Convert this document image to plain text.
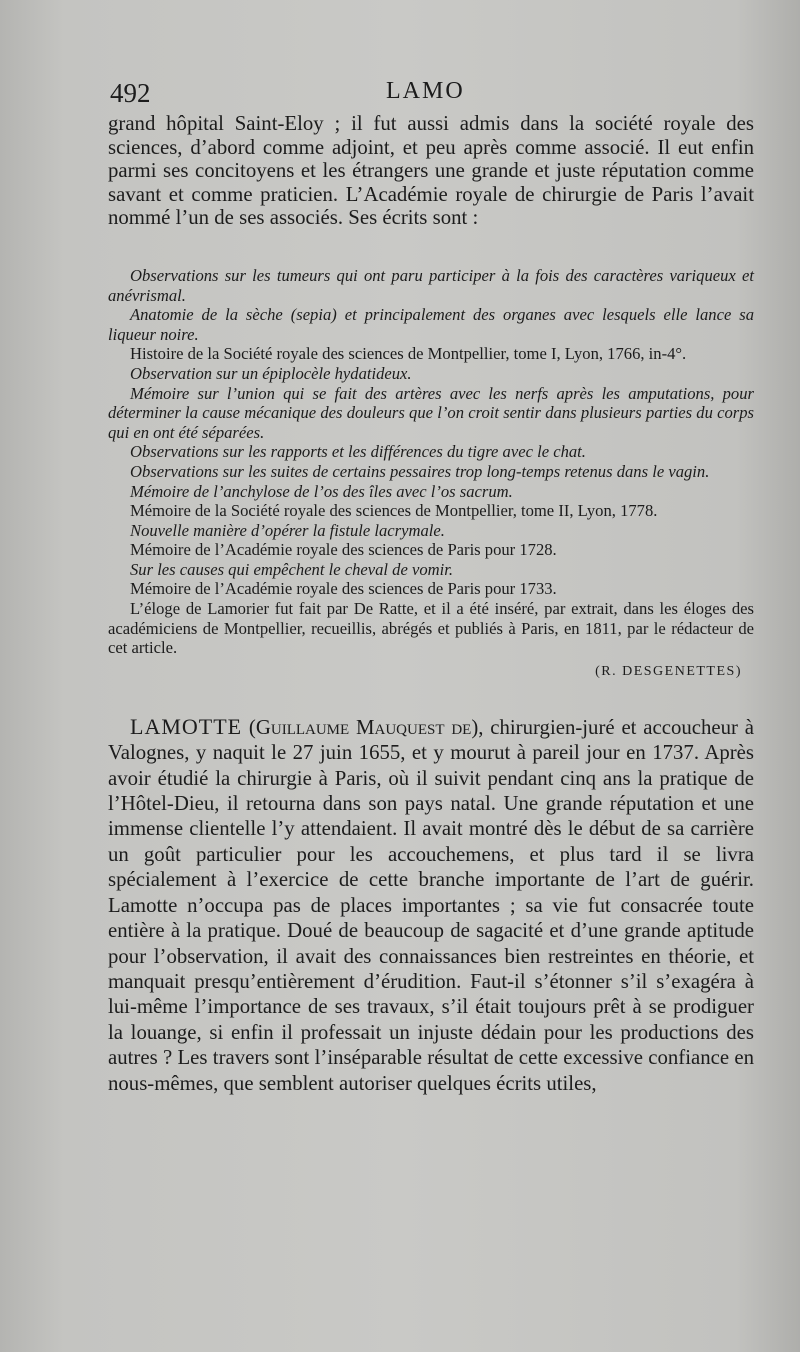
492	LAMO

grand hôpital Saint-Eloy ; il fut aussi admis dans la société royale des sciences, d’abord comme adjoint, et peu après comme associé. Il eut enfin parmi ses concitoyens et les étrangers une grande et juste réputation comme savant et comme praticien. L’Académie royale de chirurgie de Paris l’avait nommé l’un de ses associés. Ses écrits sont :

Observations sur les tumeurs qui ont paru participer à la fois des caractères variqueux et anévrismal.
Anatomie de la sèche (sepia) et principalement des organes avec lesquels elle lance sa liqueur noire.
Histoire de la Société royale des sciences de Montpellier, tome I, Lyon, 1766, in-4°.
Observation sur un épiplocèle hydatideux.
Mémoire sur l’union qui se fait des artères avec les nerfs après les amputations, pour déterminer la cause mécanique des douleurs que l’on croit sentir dans plusieurs parties du corps qui en ont été séparées.
Observations sur les rapports et les différences du tigre avec le chat.
Observations sur les suites de certains pessaires trop long-temps retenus dans le vagin.
Mémoire de l’anchylose de l’os des îles avec l’os sacrum.
Mémoire de la Société royale des sciences de Montpellier, tome II, Lyon, 1778.
Nouvelle manière d’opérer la fistule lacrymale.
Mémoire de l’Académie royale des sciences de Paris pour 1728.
Sur les causes qui empêchent le cheval de vomir.
Mémoire de l’Académie royale des sciences de Paris pour 1733.

L’éloge de Lamorier fut fait par De Ratte, et il a été inséré, par extrait, dans les éloges des académiciens de Montpellier, recueillis, abrégés et publiés à Paris, en 1811, par le rédacteur de cet article.

(R. DESGENETTES)

LAMOTTE (Guillaume Mauquest de), chirurgien-juré et accoucheur à Valognes, y naquit le 27 juin 1655, et y mourut à pareil jour en 1737. Après avoir étudié la chirurgie à Paris, où il suivit pendant cinq ans la pratique de l’Hôtel-Dieu, il retourna dans son pays natal. Une grande réputation et une immense clientelle l’y attendaient. Il avait montré dès le début de sa carrière un goût particulier pour les accouchemens, et plus tard il se livra spécialement à l’exercice de cette branche importante de l’art de guérir. Lamotte n’occupa pas de places importantes ; sa vie fut consacrée toute entière à la pratique. Doué de beaucoup de sagacité et d’une grande aptitude pour l’observation, il avait des connaissances bien restreintes en théorie, et manquait presqu’entièrement d’érudition. Faut-il s’étonner s’il s’exagéra à lui-même l’importance de ses travaux, s’il était toujours prêt à se prodiguer la louange, si enfin il professait un injuste dédain pour les productions des autres ? Les travers sont l’inséparable résultat de cette excessive confiance en nous-mêmes, que semblent autoriser quelques écrits utiles,
